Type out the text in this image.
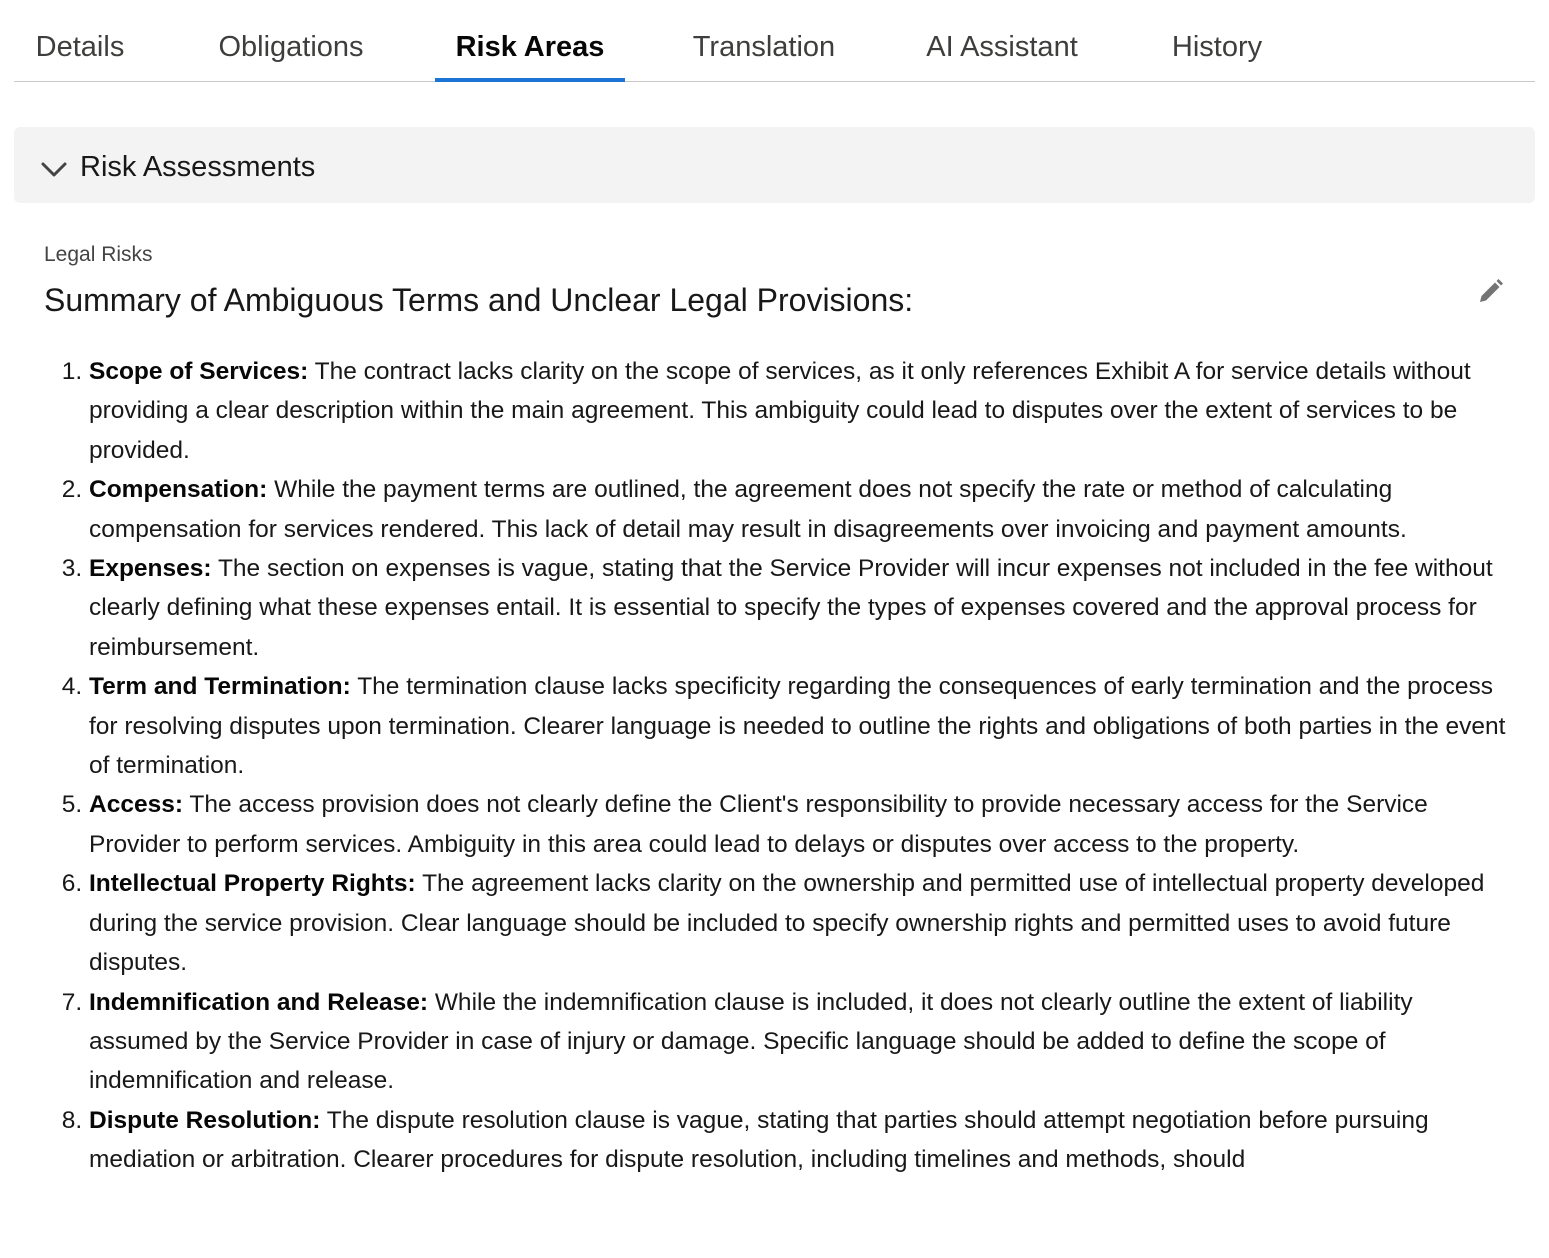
Details	Obligations	Risk Areas	Translation	AI Assistant	History
Risk Assessments
Legal Risks
Summary of Ambiguous Terms and Unclear Legal Provisions:
1. Scope of Services: The contract lacks clarity on the scope of services, as it only references Exhibit A for service details without providing a clear description within the main agreement. This ambiguity could lead to disputes over the extent of services to be provided.
2. Compensation: While the payment terms are outlined, the agreement does not specify the rate or method of calculating compensation for services rendered. This lack of detail may result in disagreements over invoicing and payment amounts.
3. Expenses: The section on expenses is vague, stating that the Service Provider will incur expenses not included in the fee without clearly defining what these expenses entail. It is essential to specify the types of expenses covered and the approval process for reimbursement.
4. Term and Termination: The termination clause lacks specificity regarding the consequences of early termination and the process for resolving disputes upon termination. Clearer language is needed to outline the rights and obligations of both parties in the event of termination.
5. Access: The access provision does not clearly define the Client's responsibility to provide necessary access for the Service Provider to perform services. Ambiguity in this area could lead to delays or disputes over access to the property.
6. Intellectual Property Rights: The agreement lacks clarity on the ownership and permitted use of intellectual property developed during the service provision. Clear language should be included to specify ownership rights and permitted uses to avoid future disputes.
7. Indemnification and Release: While the indemnification clause is included, it does not clearly outline the extent of liability assumed by the Service Provider in case of injury or damage. Specific language should be added to define the scope of indemnification and release.
8. Dispute Resolution: The dispute resolution clause is vague, stating that parties should attempt negotiation before pursuing mediation or arbitration. Clearer procedures for dispute resolution, including timelines and methods, should
